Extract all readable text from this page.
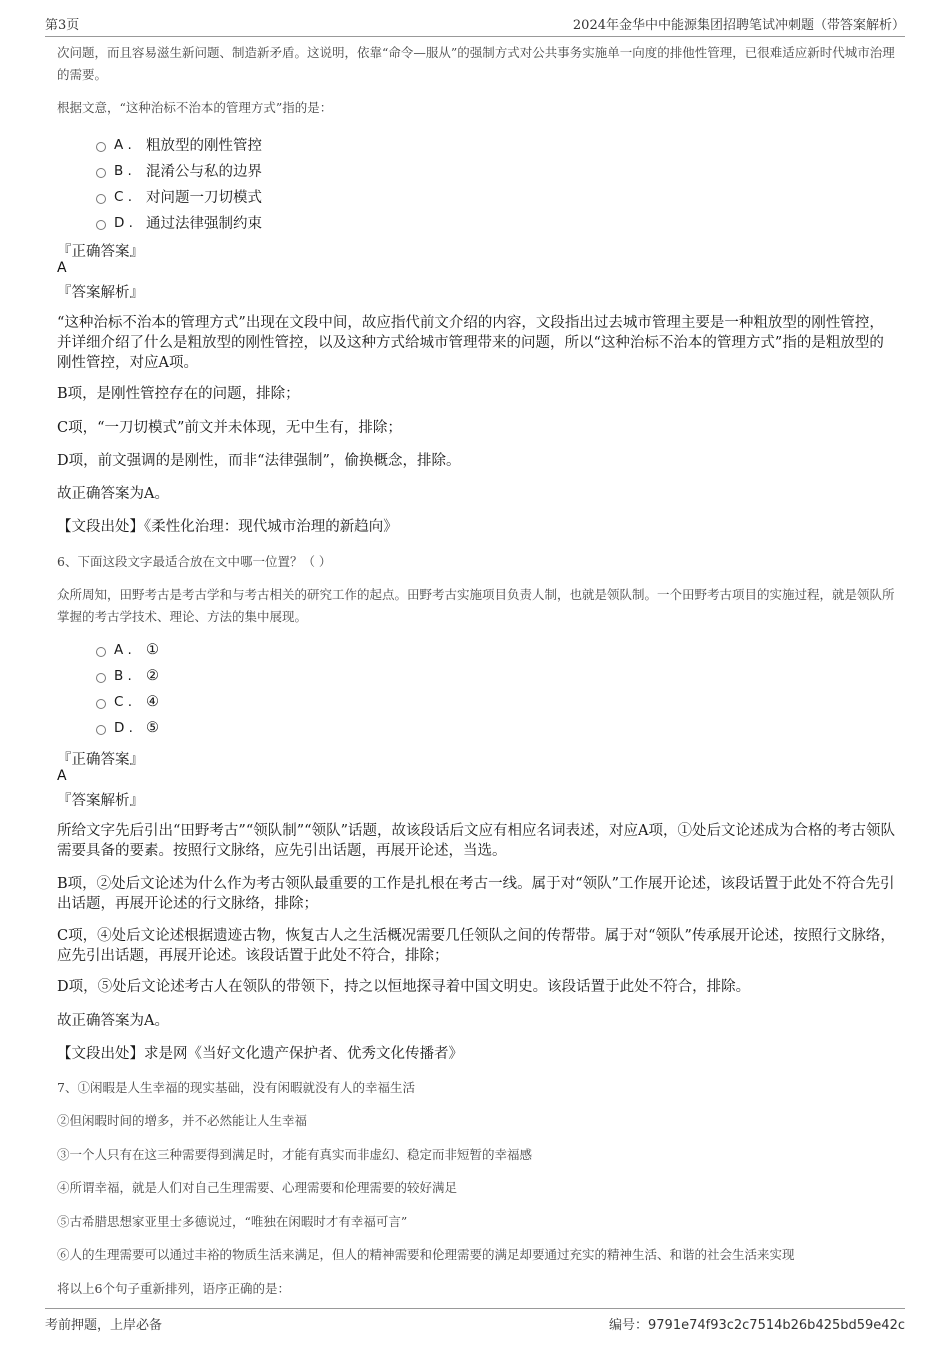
第3页	2024年金华中中能源集团招聘笔试冲刺题（带答案解析）

次问题，而且容易滋生新问题、制造新矛盾。这说明，依靠“命令—服从”的强制方式对公共事务实施单一向度的排他性管理，已很难适应新时代城市治理的需要。

根据文意，“这种治标不治本的管理方式”指的是：

A . 粗放型的刚性管控
B . 混淆公与私的边界
C . 对问题一刀切模式
D . 通过法律强制约束
『正确答案』
A
『答案解析』

“这种治标不治本的管理方式”出现在文段中间，故应指代前文介绍的内容，文段指出过去城市管理主要是一种粗放型的刚性管控，并详细介绍了什么是粗放型的刚性管控，以及这种方式给城市管理带来的问题，所以“这种治标不治本的管理方式”指的是粗放型的刚性管控，对应A项。

B项，是刚性管控存在的问题，排除；

C项，“一刀切模式”前文并未体现，无中生有，排除；

D项，前文强调的是刚性，而非“法律强制”，偷换概念，排除。

故正确答案为A。

【文段出处】《柔性化治理：现代城市治理的新趋向》

6、下面这段文字最适合放在文中哪一位置？（ ）

众所周知，田野考古是考古学和与考古相关的研究工作的起点。田野考古实施项目负责人制，也就是领队制。一个田野考古项目的实施过程，就是领队所掌握的考古学技术、理论、方法的集中展现。

A . ①
B . ②
C . ④
D . ⑤
『正确答案』
A
『答案解析』

所给文字先后引出“田野考古”“领队制”“领队”话题，故该段话后文应有相应名词表述，对应A项，①处后文论述成为合格的考古领队需要具备的要素。按照行文脉络，应先引出话题，再展开论述，当选。

B项，②处后文论述为什么作为考古领队最重要的工作是扎根在考古一线。属于对“领队”工作展开论述，该段话置于此处不符合先引出话题，再展开论述的行文脉络，排除；

C项，④处后文论述根据遗迹古物，恢复古人之生活概况需要几任领队之间的传帮带。属于对“领队”传承展开论述，按照行文脉络，应先引出话题，再展开论述。该段话置于此处不符合，排除；

D项，⑤处后文论述考古人在领队的带领下，持之以恒地探寻着中国文明史。该段话置于此处不符合，排除。

故正确答案为A。

【文段出处】求是网《当好文化遗产保护者、优秀文化传播者》

7、①闲暇是人生幸福的现实基础，没有闲暇就没有人的幸福生活

②但闲暇时间的增多，并不必然能让人生幸福

③一个人只有在这三种需要得到满足时，才能有真实而非虚幻、稳定而非短暂的幸福感

④所谓幸福，就是人们对自己生理需要、心理需要和伦理需要的较好满足

⑤古希腊思想家亚里士多德说过，“唯独在闲暇时才有幸福可言”

⑥人的生理需要可以通过丰裕的物质生活来满足，但人的精神需要和伦理需要的满足却要通过充实的精神生活、和谐的社会生活来实现

将以上6个句子重新排列，语序正确的是：

考前押题，上岸必备	编号：9791e74f93c2c7514b26b425bd59e42c
